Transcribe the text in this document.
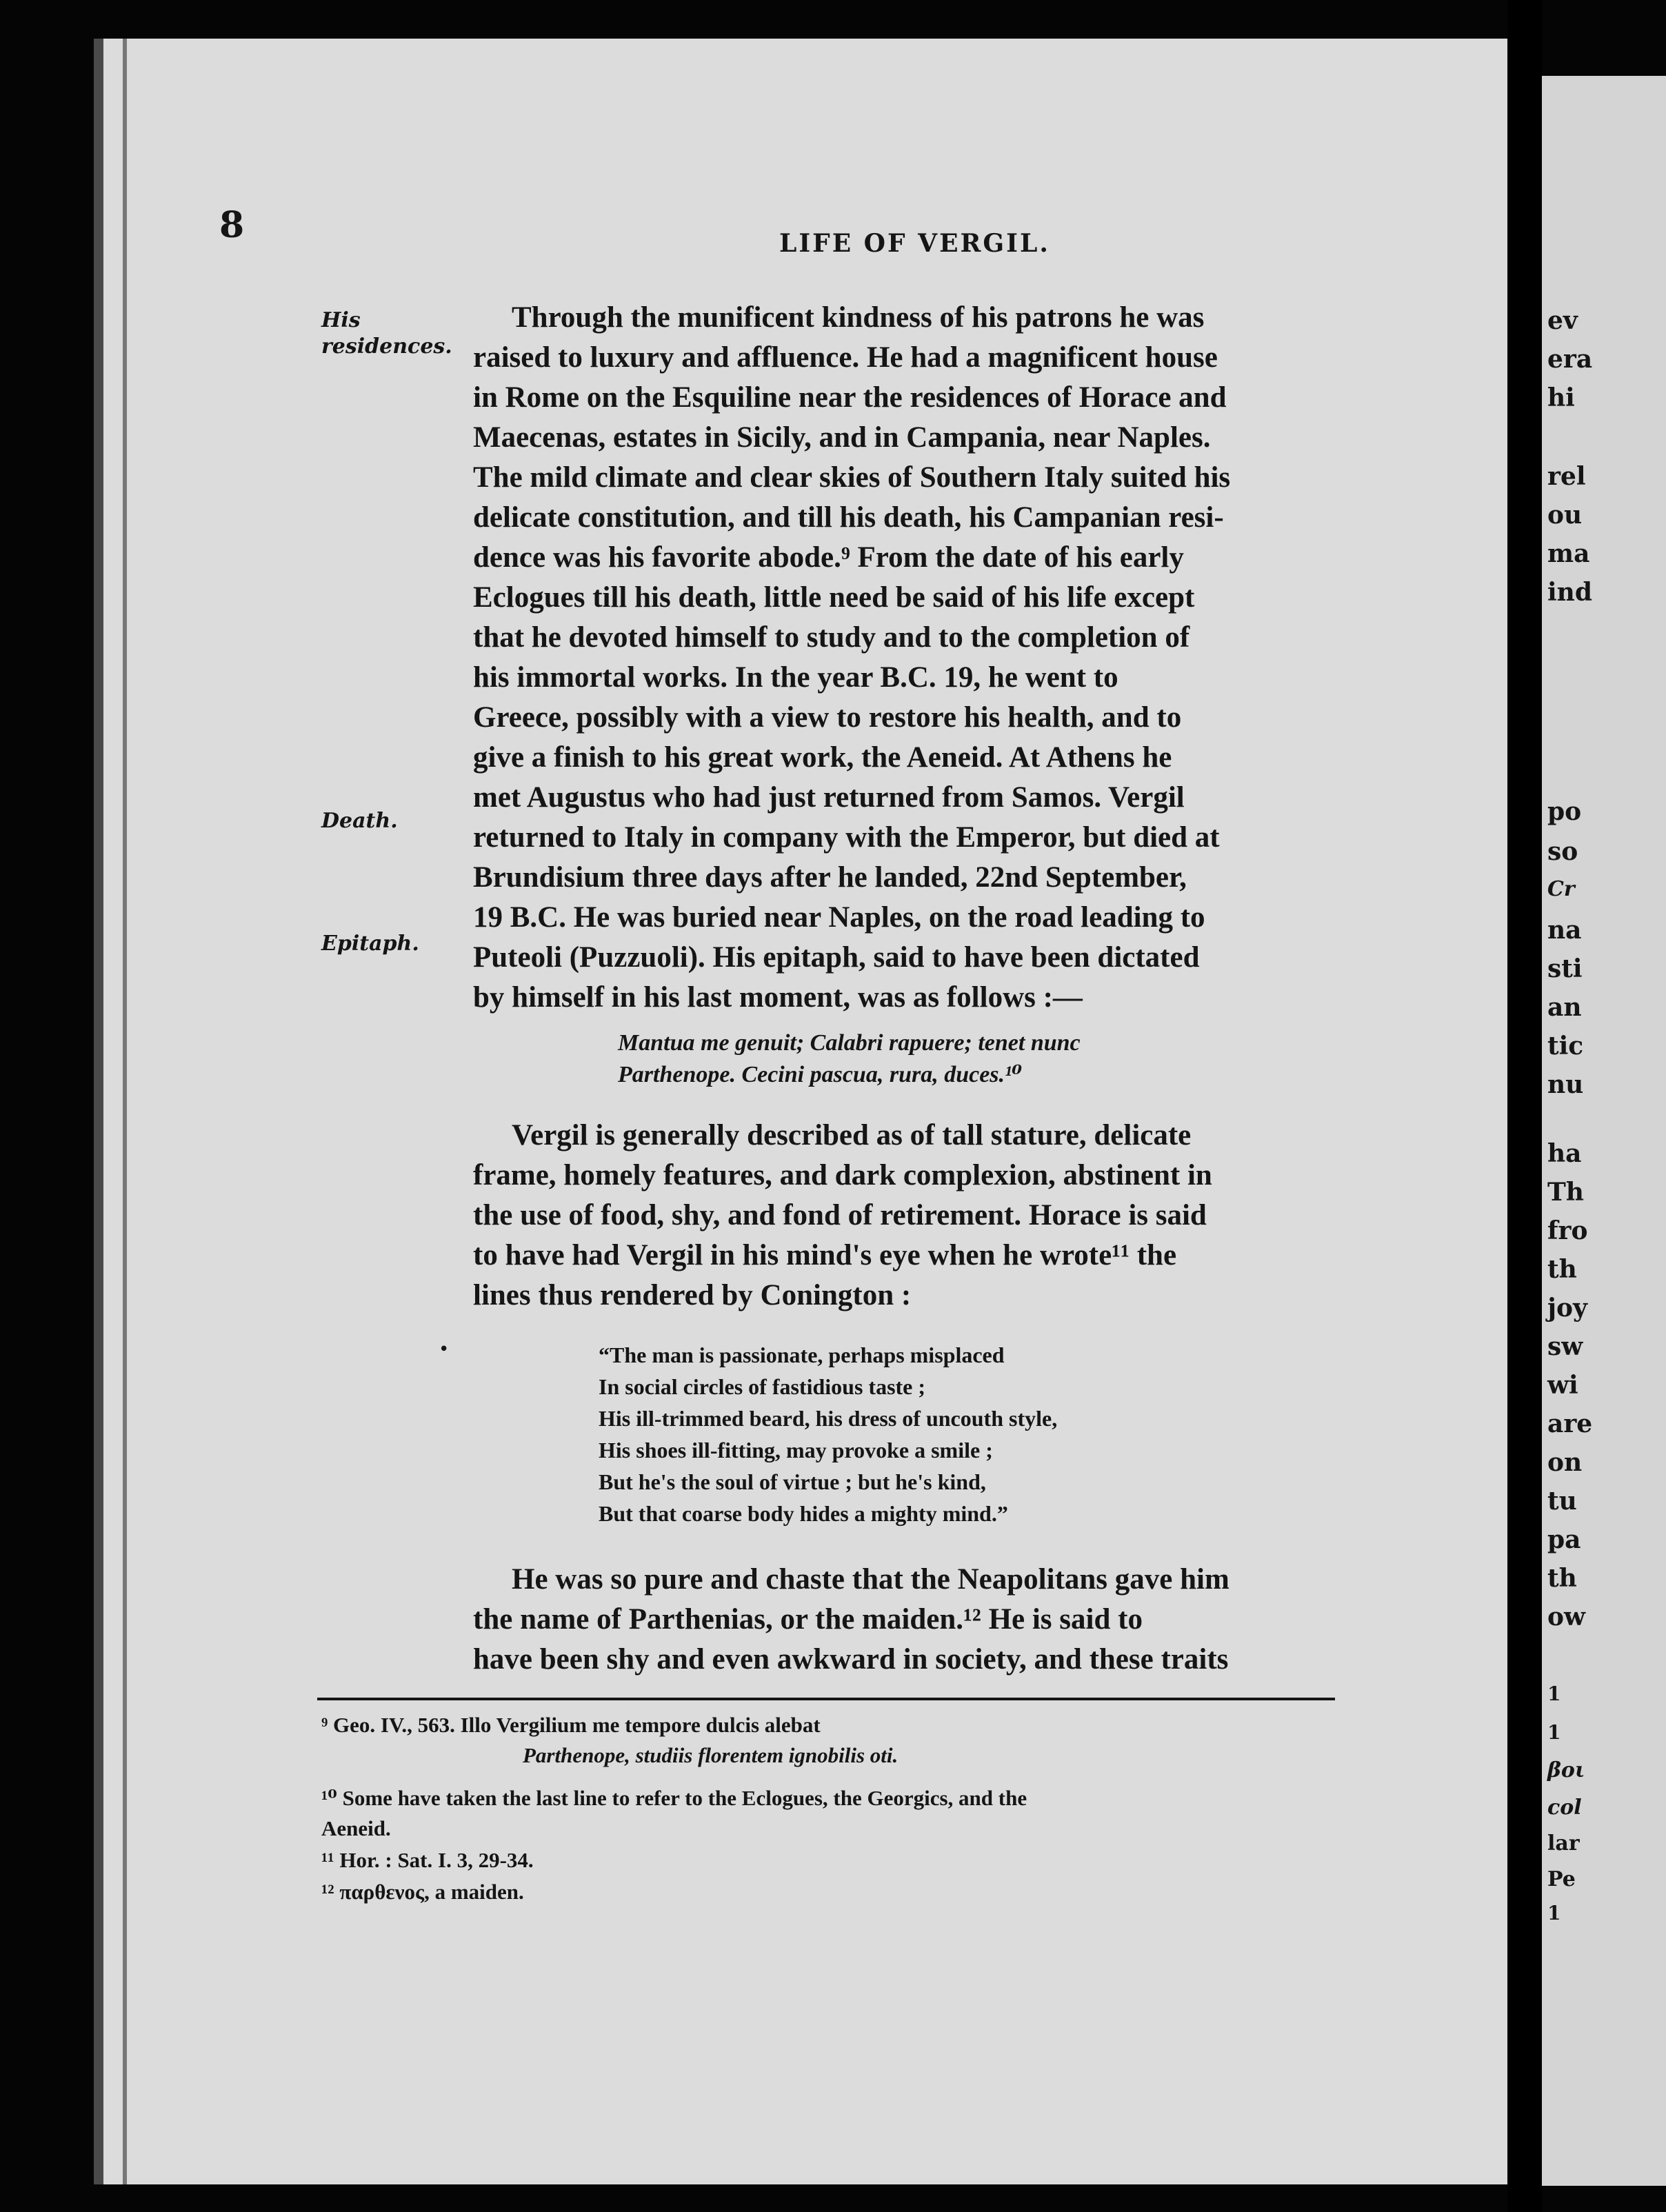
8	LIFE OF VERGIL.
His
residences.
Death.
Epitaph.
Through the munificent kindness of his patrons he was
raised to luxury and affluence. He had a magnificent house
in Rome on the Esquiline near the residences of Horace and
Maecenas, estates in Sicily, and in Campania, near Naples.
The mild climate and clear skies of Southern Italy suited his
delicate constitution, and till his death, his Campanian resi-
dence was his favorite abode.⁹ From the date of his early
Eclogues till his death, little need be said of his life except
that he devoted himself to study and to the completion of
his immortal works. In the year B.C. 19, he went to
Greece, possibly with a view to restore his health, and to
give a finish to his great work, the Aeneid. At Athens he
met Augustus who had just returned from Samos. Vergil
returned to Italy in company with the Emperor, but died at
Brundisium three days after he landed, 22nd September,
19 B.C. He was buried near Naples, on the road leading to
Puteoli (Puzzuoli). His epitaph, said to have been dictated
by himself in his last moment, was as follows :—
Mantua me genuit; Calabri rapuere; tenet nunc
Parthenope. Cecini pascua, rura, duces.¹⁰
Vergil is generally described as of tall stature, delicate
frame, homely features, and dark complexion, abstinent in
the use of food, shy, and fond of retirement. Horace is said
to have had Vergil in his mind's eye when he wrote¹¹ the
lines thus rendered by Conington :
•	“The man is passionate, perhaps misplaced
In social circles of fastidious taste ;
His ill-trimmed beard, his dress of uncouth style,
His shoes ill-fitting, may provoke a smile ;
But he's the soul of virtue ; but he's kind,
But that coarse body hides a mighty mind.”
He was so pure and chaste that the Neapolitans gave him
the name of Parthenias, or the maiden.¹² He is said to
have been shy and even awkward in society, and these traits
⁹ Geo. IV., 563. Illo Vergilium me tempore dulcis alebat
Parthenope, studiis florentem ignobilis oti.
¹⁰ Some have taken the last line to refer to the Eclogues, the Georgics, and the
Aeneid.
¹¹ Hor. : Sat. I. 3, 29-34.
¹² παρθενος, a maiden.
ev
era
hi
rel
ou
ma
ind
po
so
Cr
na
sti
an
tic
nu
ha
Th
fro
th
joy
sw
wi
are
on
tu
pa
th
ow
1
1
βοι
col
lar
Pe
1
